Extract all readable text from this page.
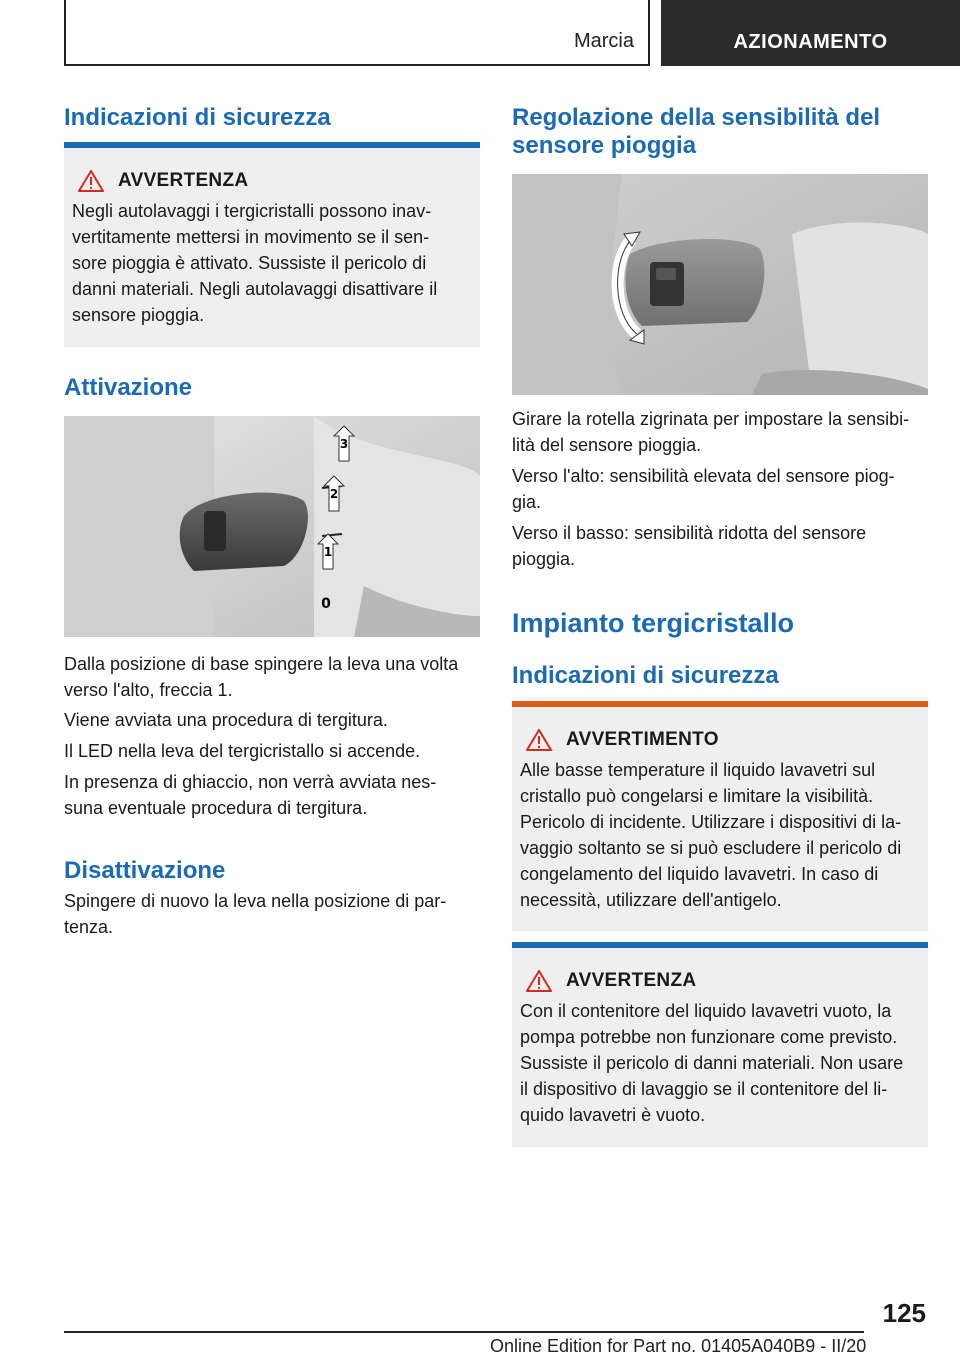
Marcia	AZIONAMENTO
Indicazioni di sicurezza
AVVERTENZA
Negli autolavaggi i tergicristalli possono inav-
vertitamente mettersi in movimento se il sen-
sore pioggia è attivato. Sussiste il pericolo di
danni materiali. Negli autolavaggi disattivare il
sensore pioggia.
Attivazione
3
2
1
0

Dalla posizione di base spingere la leva una volta
verso l'alto, freccia 1.

Viene avviata una procedura di tergitura.

Il LED nella leva del tergicristallo si accende.

In presenza di ghiaccio, non verrà avviata nes-
suna eventuale procedura di tergitura.

Disattivazione

Spingere di nuovo la leva nella posizione di par-
tenza.

Regolazione della sensibilità del
sensore pioggia

Girare la rotella zigrinata per impostare la sensibi-
lità del sensore pioggia.

Verso l'alto: sensibilità elevata del sensore piog-
gia.

Verso il basso: sensibilità ridotta del sensore
pioggia.

Impianto tergicristallo
Indicazioni di sicurezza
AVVERTIMENTO
Alle basse temperature il liquido lavavetri sul
cristallo può congelarsi e limitare la visibilità.
Pericolo di incidente. Utilizzare i dispositivi di la-
vaggio soltanto se si può escludere il pericolo di
congelamento del liquido lavavetri. In caso di
necessità, utilizzare dell'antigelo.
AVVERTENZA
Con il contenitore del liquido lavavetri vuoto, la
pompa potrebbe non funzionare come previsto.
Sussiste il pericolo di danni materiali. Non usare
il dispositivo di lavaggio se il contenitore del li-
quido lavavetri è vuoto.
125
Online Edition for Part no. 01405A040B9 - II/20
